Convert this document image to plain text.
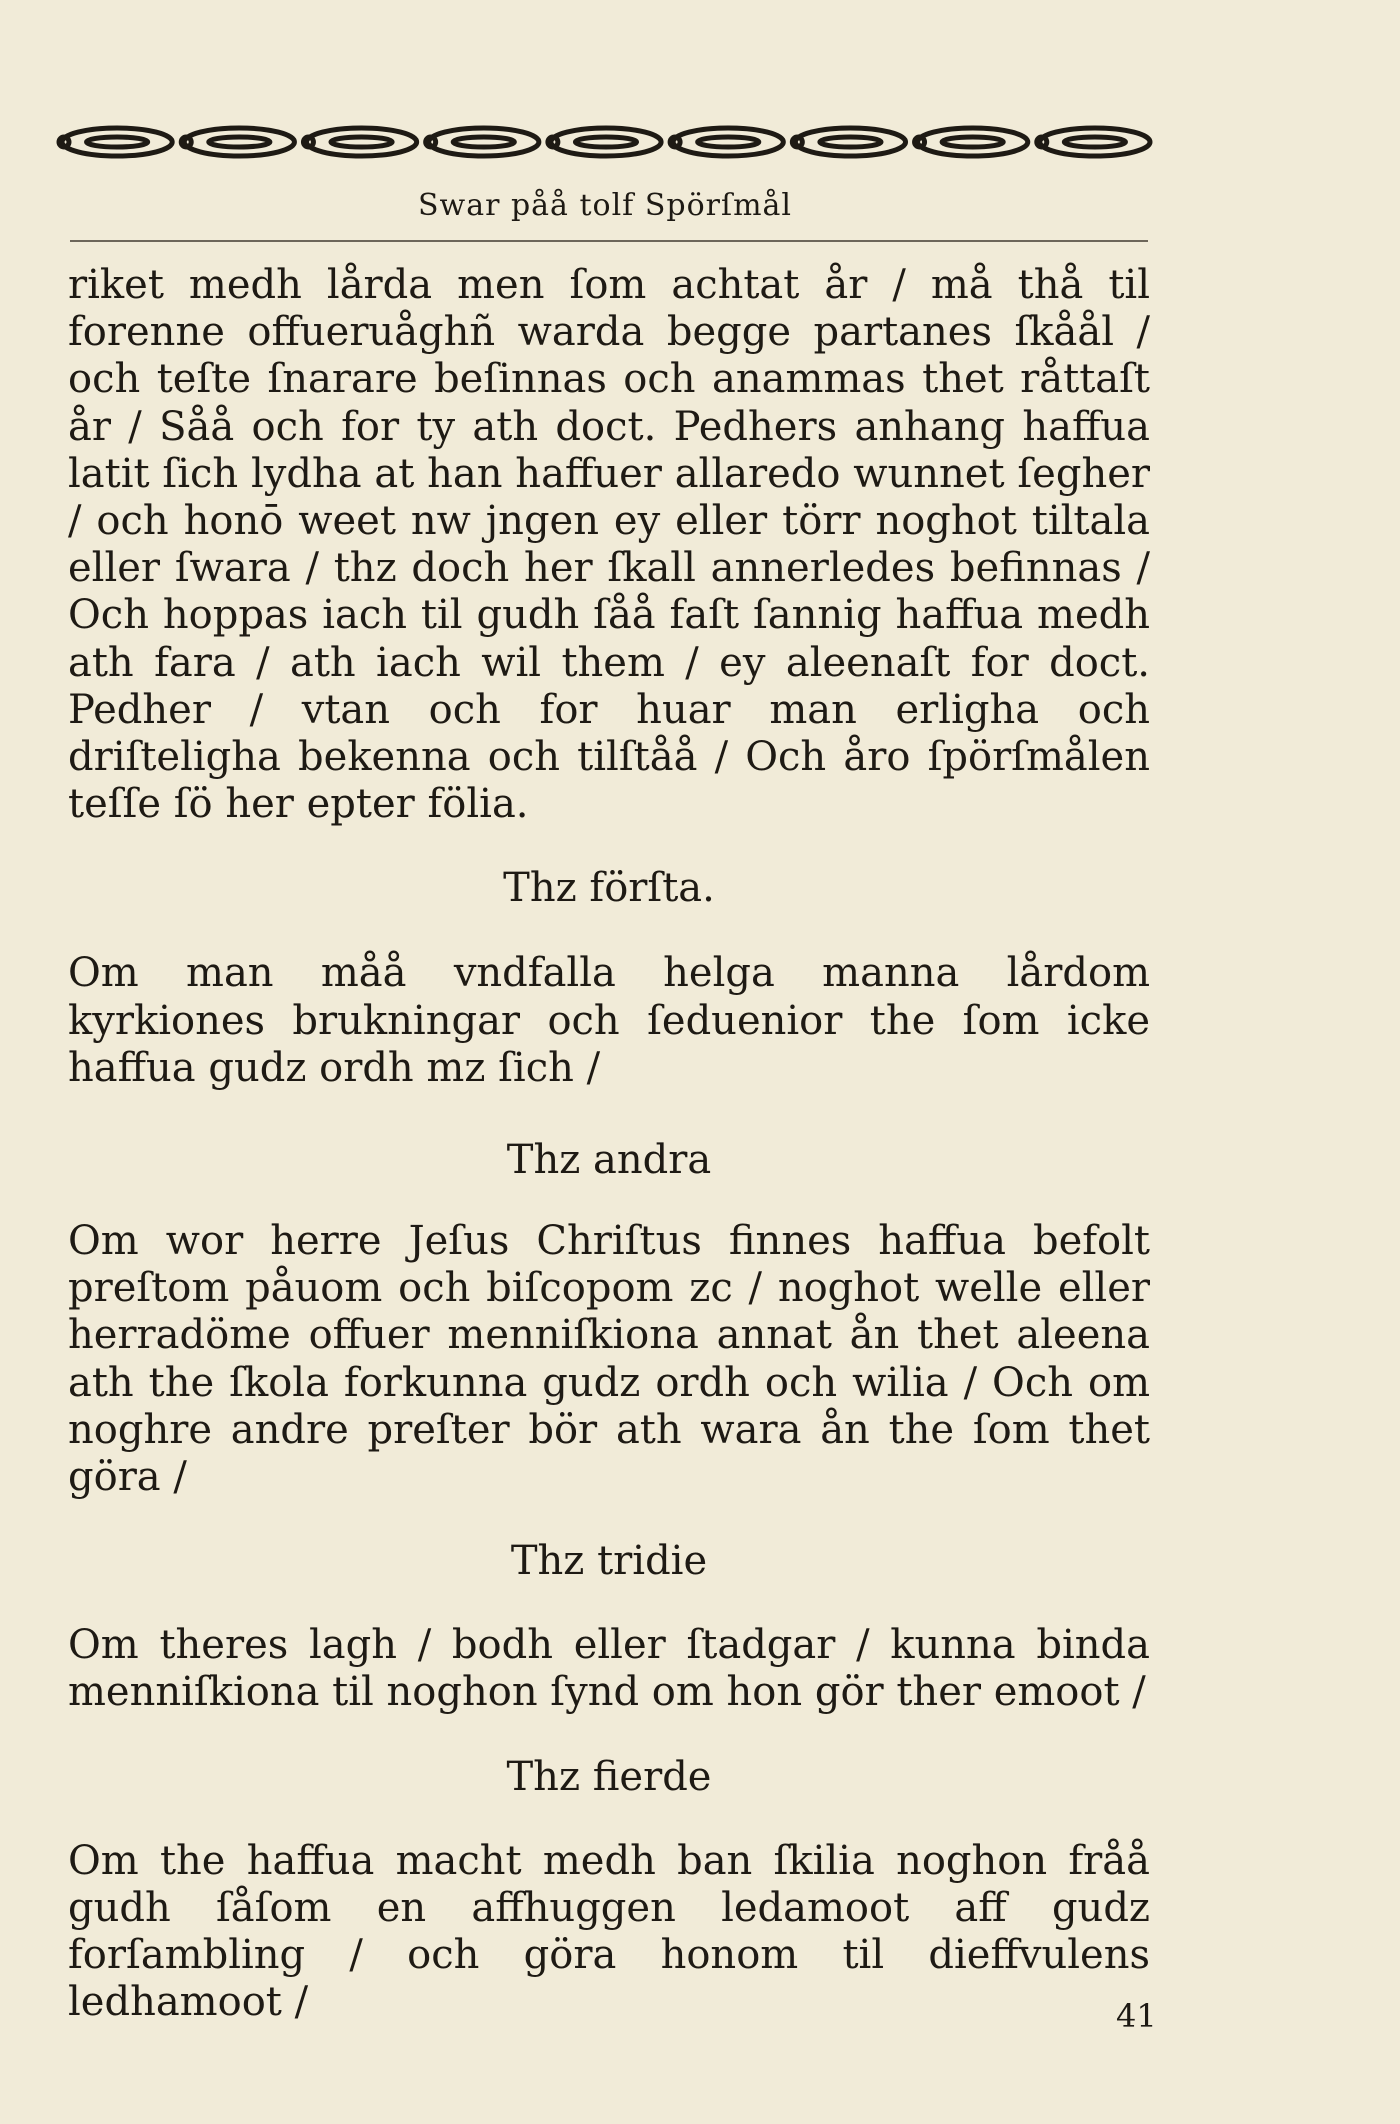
Swar påå tolf Spörſmål

riket medh lårda men ſom achtat år / må thå til forenne offueruåghñ warda begge partanes ſkåål / och teſte ſnarare beſinnas och anammas thet råttaſt år / Såå och for ty ath doct. Pedhers anhang haffua latit ſich lydha at han haffuer allaredo wunnet ſegher / och honō weet nw jngen ey eller törr noghot tiltala eller ſwara / thz doch her ſkall annerledes befinnas / Och hoppas iach til gudh ſåå faſt ſannig haffua medh ath fara / ath iach wil them / ey aleenaſt for doct. Pedher / vtan och for huar man erligha och driſteligha bekenna och tilſtåå / Och åro ſpörſmålen teſſe ſö her epter fölia.

Thz förſta.

Om man måå vndfalla helga manna lårdom kyrkiones brukningar och ſeduenior the ſom icke haffua gudz ordh mz ſich /

Thz andra

Om wor herre Jeſus Chriſtus finnes haffua befolt preſtom påuom och biſcopom zc / noghot welle eller herradöme offuer menniſkiona annat ån thet aleena ath the ſkola forkunna gudz ordh och wilia / Och om noghre andre preſter bör ath wara ån the ſom thet göra /

Thz tridie

Om theres lagh / bodh eller ſtadgar / kunna binda menniſkiona til noghon ſynd om hon gör ther emoot /

Thz fierde

Om the haffua macht medh ban ſkilia noghon fråå gudh ſåſom en affhuggen ledamoot aff gudz forſambling / och göra honom til dieffvulens ledhamoot /	41
